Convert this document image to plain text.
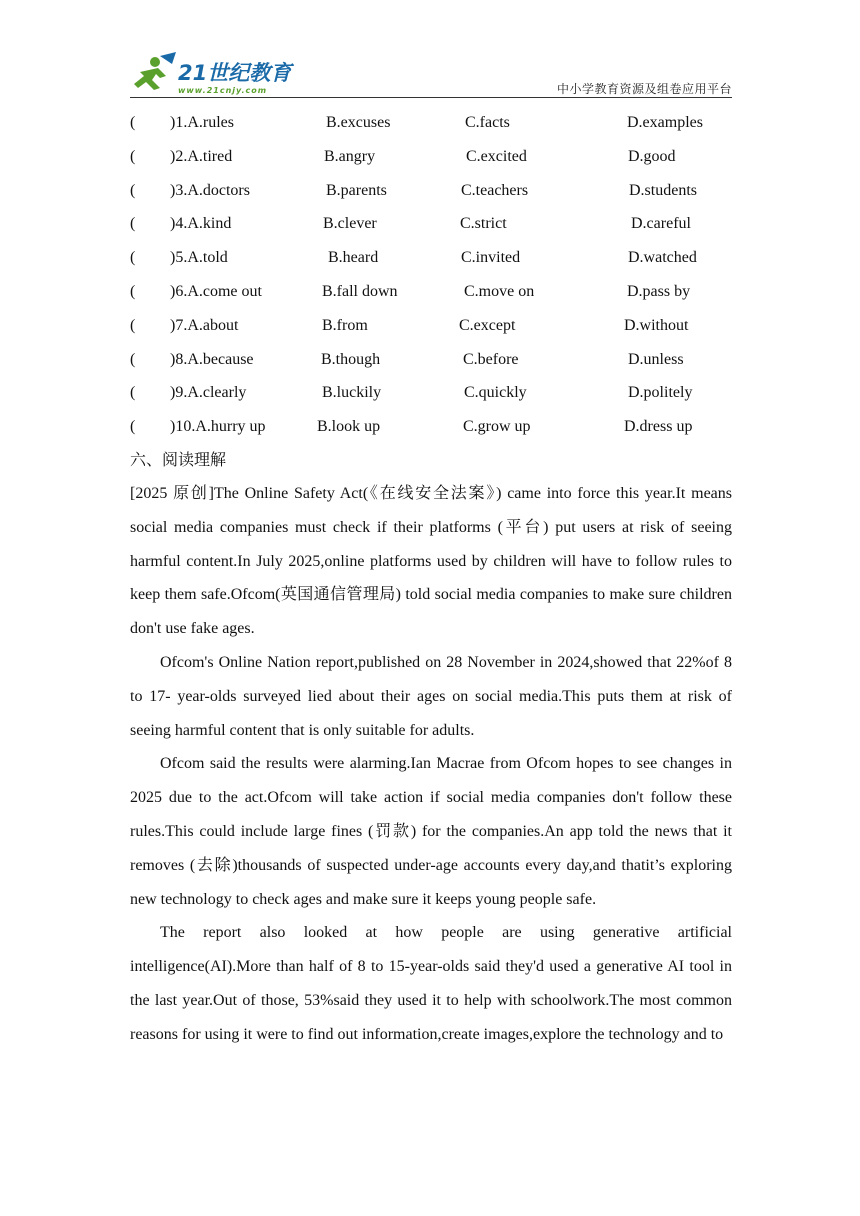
21世纪教育
www.21cnjy.com	中小学教育资源及组卷应用平台
( )1. A.rules	B.excuses	C.facts	D.examples
( )2. A.tired	B.angry	C.excited	D.good
( )3. A.doctors	B.parents	C.teachers	D.students
( )4. A.kind	B.clever	C.strict	D.careful
( )5. A.told	B.heard	C.invited	D.watched
( )6. A.come out	B.fall down	C.move on	D.pass by
( )7. A.about	B.from	C.except	D.without
( )8. A.because	B.though	C.before	D.unless
( )9. A.clearly	B.luckily	C.quickly	D.politely
( )10. A.hurry up	B.look up	C.grow up	D.dress up
六、阅读理解

[2025 原创]The Online Safety Act(《在线安全法案》) came into force this year.It means social media companies must check if their platforms (平台) put users at risk of seeing harmful content.In July 2025,online platforms used by children will have to follow rules to keep them safe.Ofcom(英国通信管理局) told social media companies to make sure children don't use fake ages.

Ofcom's Online Nation report,published on 28 November in 2024,showed that 22%of 8 to 17- year-olds surveyed lied about their ages on social media.This puts them at risk of seeing harmful content that is only suitable for adults.

Ofcom said the results were alarming.Ian Macrae from Ofcom hopes to see changes in 2025 due to the act.Ofcom will take action if social media companies don't follow these rules.This could include large fines (罚款) for the companies.An app told the news that it removes (去除)thousands of suspected under-age accounts every day,and thatit’s exploring new technology to check ages and make sure it keeps young people safe.

The report also looked at how people are using generative artificial intelligence(AI).More than half of 8 to 15-year-olds said they'd used a generative AI tool in the last year.Out of those, 53%said they used it to help with schoolwork.The most common reasons for using it were to find out information,create images,explore the technology and to
